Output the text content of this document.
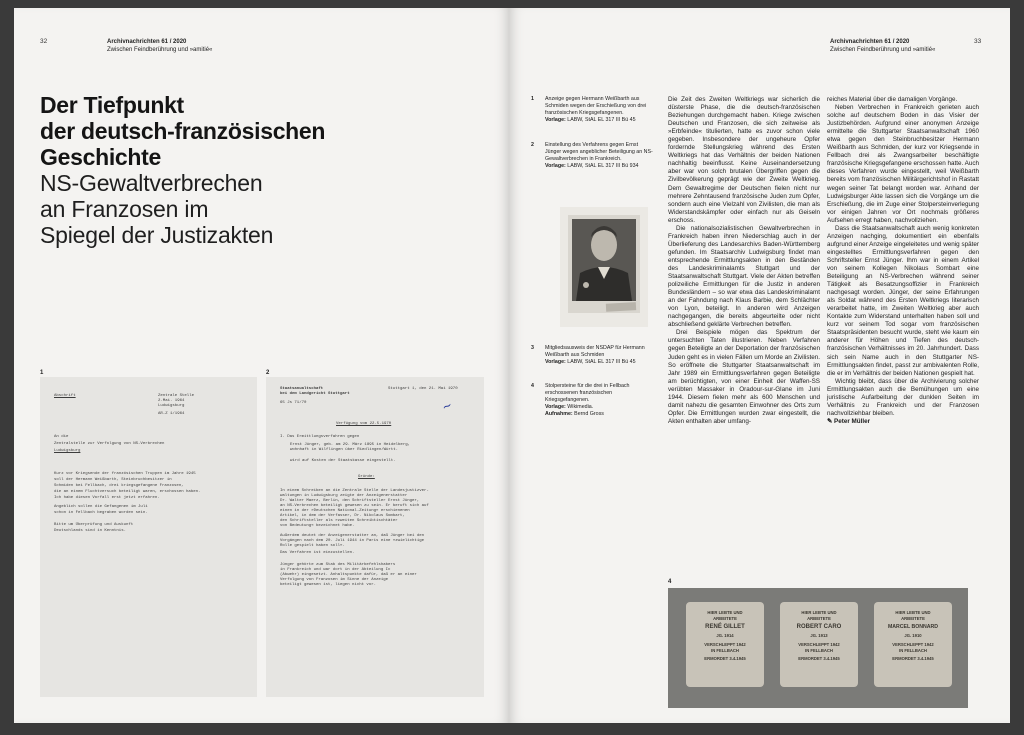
32	Archivnachrichten 61 / 2020
Zwischen Feindberührung und »amitié«
Der Tiefpunkt
der deutsch-französischen
Geschichte
NS-Gewaltverbrechen
an Franzosen im
Spiegel der Justizakten
1	2
Abschrift	Zentrale Stelle
2.Mai. 1964
Ludwigsburg
AR-Z 1/1964
An die
Zentralstelle zur Verfolgung von NS-Verbrechen
Ludwigsburg
Kurz vor Kriegsende der französischen Truppen im Jahre 1945
soll der Hermann Weißbarth, Steinbruchbesitzer in
Schmiden bei Fellbach, drei kriegsgefangene Franzosen,
die an einem Fluchtversuch beteiligt waren, erschossen haben.
Ich habe diesen Vorfall erst jetzt erfahren.
Angeblich sollen die Gefangenen im Juli
schon in Fellbach begraben worden sein.
Bitte um Überprüfung und Auskunft
Deutschlands sind in Kenntnis.
Staatsanwaltschaft
bei dem Landgericht Stuttgart
65 Js 71/70
Stuttgart 1, den 21. Mai 1970
~
Verfügung vom 22.5.1970
I. Das Ermittlungsverfahren gegen
Ernst Jünger, geb. am 29. März 1895 in Heidelberg,
wohnhaft in Wilflingen über Riedlingen/Württ.
wird auf Kosten der Staatskasse eingestellt.
Gründe:
In einem Schreiben an die Zentrale Stelle der Landesjustizver-
waltungen in Ludwigsburg zeigte der Anzeigenerstatter
Dr. Walter Maerz, Berlin, den Schriftsteller Ernst Jünger,
an NS-Verbrechen beteiligt gewesen zu sein. Er beruft sich auf
einen in der »Deutschen National-Zeitung« erschienenen
Artikel, in dem der Verfasser, Dr. Nikolaus Sombart,
den Schriftsteller als »zweiten Schreibtischtäter
von Bedeutung« bezeichnet habe.
Außerdem deutet der Anzeigenerstatter an, daß Jünger bei den
Vorgängen nach dem 20. Juli 1944 in Paris eine »zwielichtige
Rolle gespielt haben soll«.
Das Verfahren ist einzustellen.
Jünger gehörte zum Stab des Militärbefehlshabers
in Frankreich und war dort in der Abteilung Ic
(Abwehr) eingesetzt. Anhaltspunkte dafür, daß er an einer
Verfolgung von Franzosen im Sinne der Anzeige
beteiligt gewesen ist, liegen nicht vor.
Archivnachrichten 61 / 2020
Zwischen Feindberührung und »amitié«
33
1	Anzeige gegen Hermann Weißbarth aus Schmiden wegen der Erschießung von drei französischen Kriegsgefangenen.
Vorlage: LABW, StAL EL 317 III Bü 45
2	Einstellung des Verfahrens gegen Ernst Jünger wegen angeblicher Beteiligung an NS-Gewaltverbrechen in Frankreich.
Vorlage: LABW, StAL EL 317 III Bü 934
3	Mitgliedsausweis der NSDAP für Hermann Weißbarth aus Schmiden
Vorlage: LABW, StAL EL 317 III Bü 45
4	Stolpersteine für die drei in Fellbach erschossenen französischen Kriegsgefangenen.
Vorlage: Wikimedia.
Aufnahme: Bernd Gross

Die Zeit des Zweiten Weltkriegs war sicherlich die düsterste Phase, die die deutsch-französischen Beziehungen durchgemacht haben. Kriege zwischen Deutschen und Franzosen, die sich zeitweise als »Erbfeinde« titulierten, hatte es zuvor schon viele gegeben. Insbesondere der ungeheure Opfer fordernde Stellungskrieg während des Ersten Weltkriegs hat das Verhältnis der beiden Nationen nachhaltig beeinflusst. Keine Auseinandersetzung aber war von solch brutalen Übergriffen gegen die Zivilbevölkerung geprägt wie der Zweite Weltkrieg. Dem Gewaltregime der Deutschen fielen nicht nur mehrere Zehntausend französische Juden zum Opfer, sondern auch eine Vielzahl von Zivilisten, die man als Widerstandskämpfer oder einfach nur als Geiseln erschoss.

Die nationalsozialistischen Gewaltverbrechen in Frankreich haben ihren Niederschlag auch in der Überlieferung des Landesarchivs Baden-Württemberg gefunden. Im Staatsarchiv Ludwigsburg findet man entsprechende Ermittlungsakten in den Beständen des Landeskriminalamts Stuttgart und der Staatsanwaltschaft Stuttgart. Viele der Akten betreffen polizeiliche Ermittlungen für die Justiz in anderen Bundesländern – so war etwa das Landeskriminalamt an der Fahndung nach Klaus Barbie, dem Schlächter von Lyon, beteiligt. In anderen wird Anzeigen nachgegangen, die bereits abgeurteilte oder nicht abschließend geklärte Verbrechen betreffen.

Drei Beispiele mögen das Spektrum der untersuchten Taten illustrieren. Neben Verfahren gegen Beteiligte an der Deportation der französischen Juden geht es in vielen Fällen um Morde an Zivilisten. So eröffnete die Stuttgarter Staatsanwaltschaft im Jahr 1989 ein Ermittlungsverfahren gegen Beteiligte am berüchtigten, von einer Einheit der Waffen-SS verübten Massaker in Oradour-sur-Glane im Juni 1944. Diesem fielen mehr als 600 Menschen und damit nahezu die gesamten Einwohner des Orts zum Opfer. Die Ermittlungen wurden zwar eingestellt, die Akten enthalten aber umfang-

reiches Material über die damaligen Vorgänge.

Neben Verbrechen in Frankreich gerieten auch solche auf deutschem Boden in das Visier der Justizbehörden. Aufgrund einer anonymen Anzeige ermittelte die Stuttgarter Staatsanwaltschaft 1960 etwa gegen den Steinbruchbesitzer Hermann Weißbarth aus Schmiden, der kurz vor Kriegsende in Fellbach drei als Zwangsarbeiter beschäftigte französische Kriegsgefangene erschossen hatte. Auch dieses Verfahren wurde eingestellt, weil Weißbarth bereits vom französischen Militärgerichtshof in Rastatt wegen seiner Tat belangt worden war. Anhand der Ludwigsburger Akte lassen sich die Vorgänge um die Erschießung, die im Zuge einer Stolpersteinverlegung vor einigen Jahren vor Ort nochmals größeres Aufsehen erregt haben, nachvollziehen.

Dass die Staatsanwaltschaft auch wenig konkreten Anzeigen nachging, dokumentiert ein ebenfalls aufgrund einer Anzeige eingeleitetes und wenig später eingestelltes Ermittlungsverfahren gegen den Schriftsteller Ernst Jünger. Ihm war in einem Artikel von seinem Kollegen Nikolaus Sombart eine Beteiligung an NS-Verbrechen während seiner Tätigkeit als Besatzungsoffizier in Frankreich nachgesagt worden. Jünger, der seine Erfahrungen als Soldat während des Ersten Weltkriegs literarisch verarbeitet hatte, im Zweiten Weltkrieg aber auch Kontakte zum Widerstand unterhalten haben soll und kurz vor seinem Tod sogar vom französischen Staatspräsidenten besucht wurde, steht wie kaum ein anderer für Höhen und Tiefen des deutsch-französischen Verhältnisses im 20. Jahrhundert. Dass sich sein Name auch in den Stuttgarter NS-Ermittlungsakten findet, passt zur ambivalenten Rolle, die er im Verhältnis der beiden Nationen gespielt hat.

Wichtig bleibt, dass über die Archivierung solcher Ermittlungsakten auch die Bemühungen um eine juristische Aufarbeitung der dunklen Seiten im Verhältnis zu Frankreich und der Franzosen nachvollziehbar bleiben.

✎ Peter Müller

4
HIER LEBTE UND
ARBEITETE
RENÉ GILLET
JG. 1914
VERSCHLEPPT 1942
IN FELLBACH
ERMORDET 3.4.1945
HIER LEBTE UND
ARBEITETE
ROBERT CARO
JG. 1913
VERSCHLEPPT 1942
IN FELLBACH
ERMORDET 3.4.1945
HIER LEBTE UND
ARBEITETE
MARCEL BONNARD
JG. 1910
VERSCHLEPPT 1942
IN FELLBACH
ERMORDET 3.4.1945
